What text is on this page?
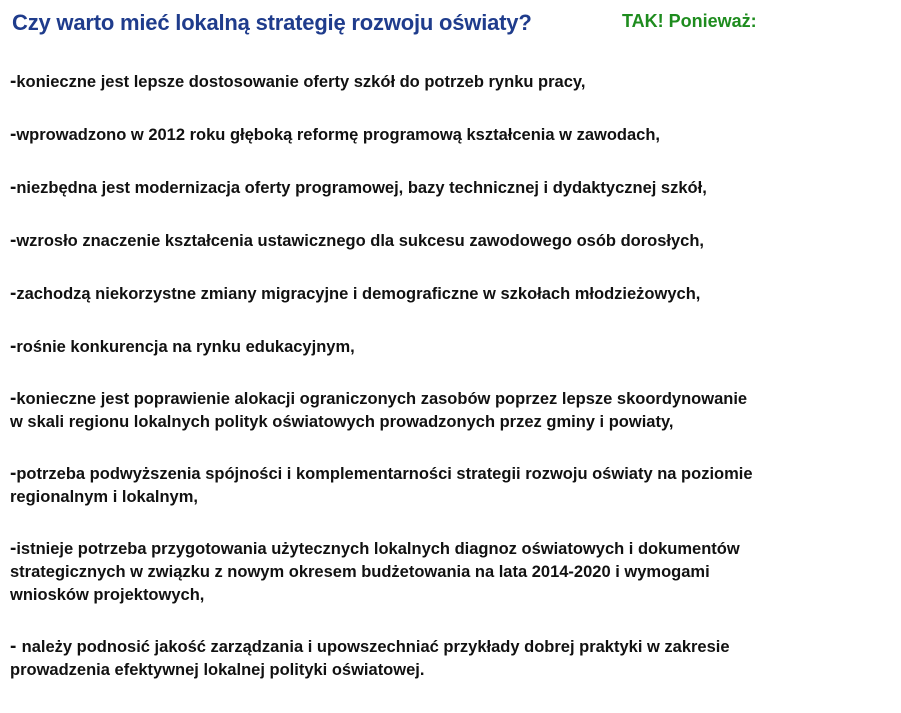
Czy warto mieć lokalną strategię rozwoju oświaty?	TAK! Ponieważ:
-konieczne jest lepsze dostosowanie oferty szkół do potrzeb rynku pracy,
-wprowadzono w 2012 roku głęboką reformę programową kształcenia w zawodach,
-niezbędna jest modernizacja oferty programowej, bazy technicznej i dydaktycznej szkół,
-wzrosło znaczenie kształcenia ustawicznego dla sukcesu zawodowego osób dorosłych,
-zachodzą niekorzystne zmiany migracyjne i demograficzne w szkołach młodzieżowych,
-rośnie konkurencja na rynku edukacyjnym,
-konieczne jest poprawienie alokacji ograniczonych zasobów poprzez lepsze skoordynowanie
w skali regionu lokalnych polityk oświatowych prowadzonych przez gminy i powiaty,
-potrzeba podwyższenia spójności i komplementarności strategii rozwoju oświaty na poziomie
regionalnym i lokalnym,
-istnieje potrzeba przygotowania użytecznych lokalnych diagnoz oświatowych i dokumentów
strategicznych w związku z nowym okresem budżetowania na lata 2014-2020 i wymogami
wniosków projektowych,
- należy podnosić jakość zarządzania i upowszechniać przykłady dobrej praktyki w zakresie
prowadzenia efektywnej lokalnej polityki oświatowej.
